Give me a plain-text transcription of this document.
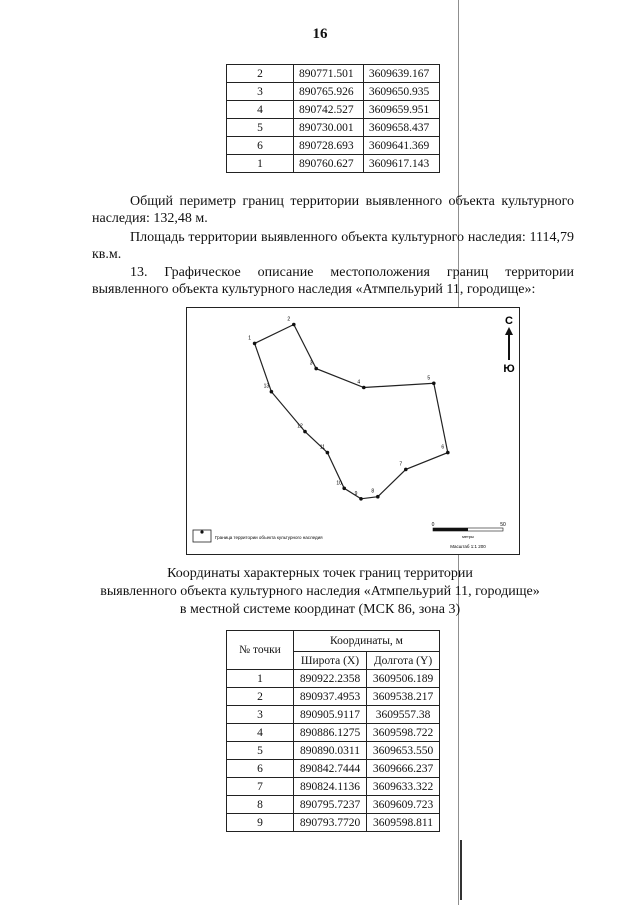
16
2	890771.501	3609639.167
3	890765.926	3609650.935
4	890742.527	3609659.951
5	890730.001	3609658.437
6	890728.693	3609641.369
1	890760.627	3609617.143
Общий периметр границ территории выявленного объекта культурного наследия: 132,48 м.
Площадь территории выявленного объекта культурного наследия: 1114,79 кв.м.
13. Графическое описание местоположения границ территории выявленного объекта культурного наследия «Атмпельурий 11, городище»:
1
2
3
4
5
6
7
8
9
10
11
12
13
С
Ю
Граница территории объекта культурного наследия
0	50
метры
Масштаб 1:1 200
Координаты характерных точек границ территории
выявленного объекта культурного наследия «Атмпельурий 11, городище»
в местной системе координат (МСК 86, зона 3)
№ точки	Координаты, м	
	Широта (X)	Долгота (Y)
1	890922.2358	3609506.189
2	890937.4953	3609538.217
3	890905.9117	3609557.38
4	890886.1275	3609598.722
5	890890.0311	3609653.550
6	890842.7444	3609666.237
7	890824.1136	3609633.322
8	890795.7237	3609609.723
9	890793.7720	3609598.811
